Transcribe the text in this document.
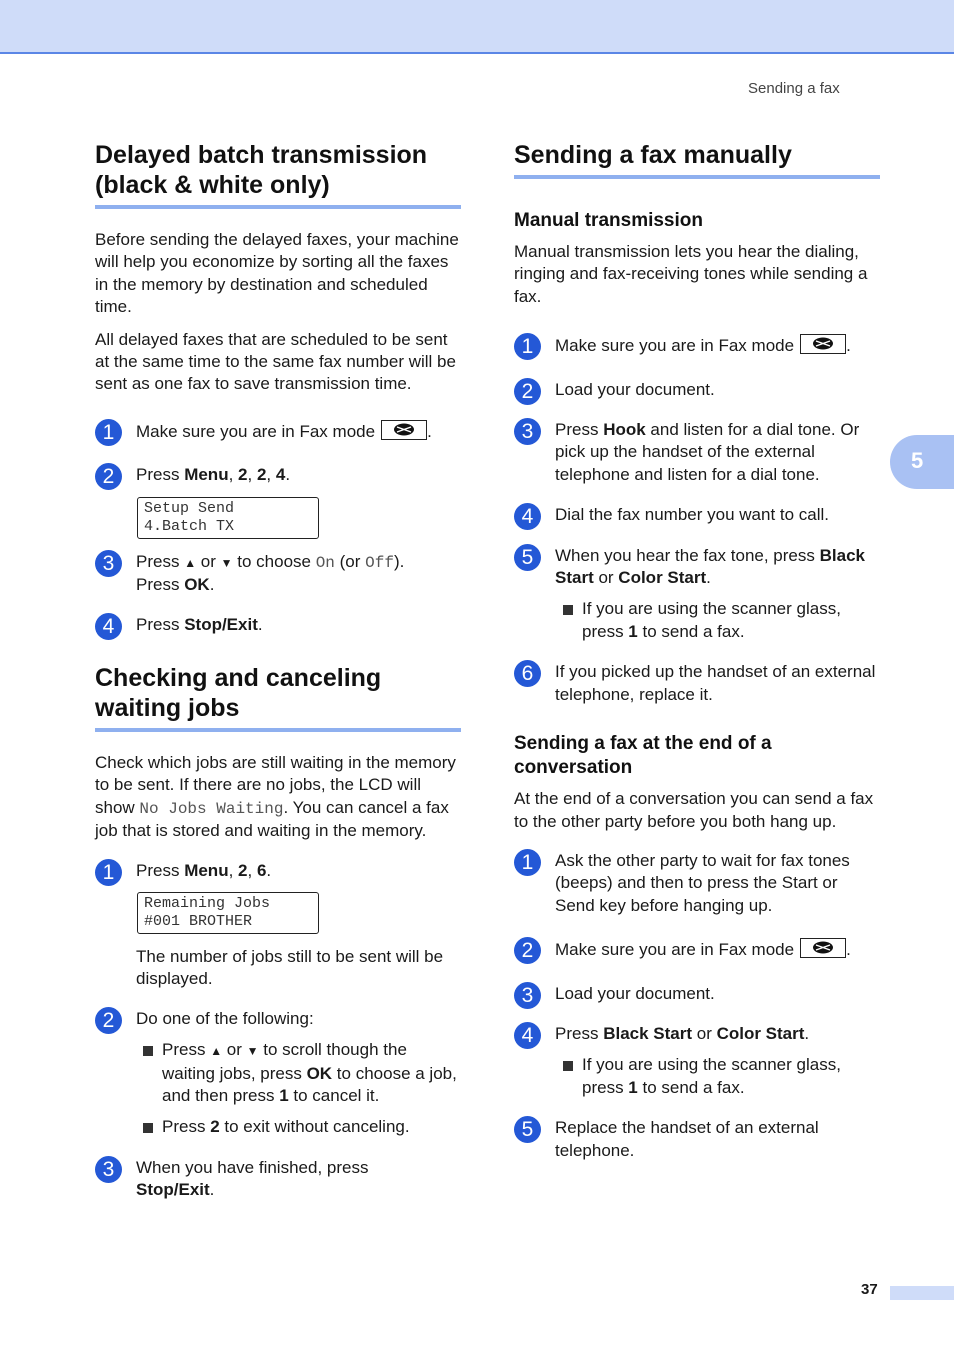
Sending a fax
5
Delayed batch transmission
(black & white only)

Before sending the delayed faxes, your machine will help you economize by sorting all the faxes in the memory by destination and scheduled time.

All delayed faxes that are scheduled to be sent at the same time to the same fax number will be sent as one fax to save transmission time.

1	Make sure you are in Fax mode	.
2	Press Menu, 2, 2, 4.
Setup Send
4.Batch TX
3	Press ▲ or ▼ to choose On (or Off).
Press OK.
4	Press Stop/Exit.
Checking and canceling
waiting jobs

Check which jobs are still waiting in the memory to be sent. If there are no jobs, the LCD will show No Jobs Waiting. You can cancel a fax job that is stored and waiting in the memory.

1	Press Menu, 2, 6.
Remaining Jobs
#001 BROTHER

The number of jobs still to be sent will be displayed.

2	Do one of the following:
Press ▲ or ▼ to scroll though the waiting jobs, press OK to choose a job, and then press 1 to cancel it.
Press 2 to exit without canceling.
3	When you have finished, press
Stop/Exit.
Sending a fax manually
Manual transmission

Manual transmission lets you hear the dialing, ringing and fax-receiving tones while sending a fax.

1	Make sure you are in Fax mode	.
2	Load your document.
3	Press Hook and listen for a dial tone. Or pick up the handset of the external telephone and listen for a dial tone.
4	Dial the fax number you want to call.
5	When you hear the fax tone, press Black Start or Color Start.
If you are using the scanner glass, press 1 to send a fax.
6	If you picked up the handset of an external telephone, replace it.
Sending a fax at the end of a
conversation

At the end of a conversation you can send a fax to the other party before you both hang up.

1	Ask the other party to wait for fax tones (beeps) and then to press the Start or Send key before hanging up.
2	Make sure you are in Fax mode	.
3	Load your document.
4	Press Black Start or Color Start.
If you are using the scanner glass, press 1 to send a fax.
5	Replace the handset of an external telephone.
37
